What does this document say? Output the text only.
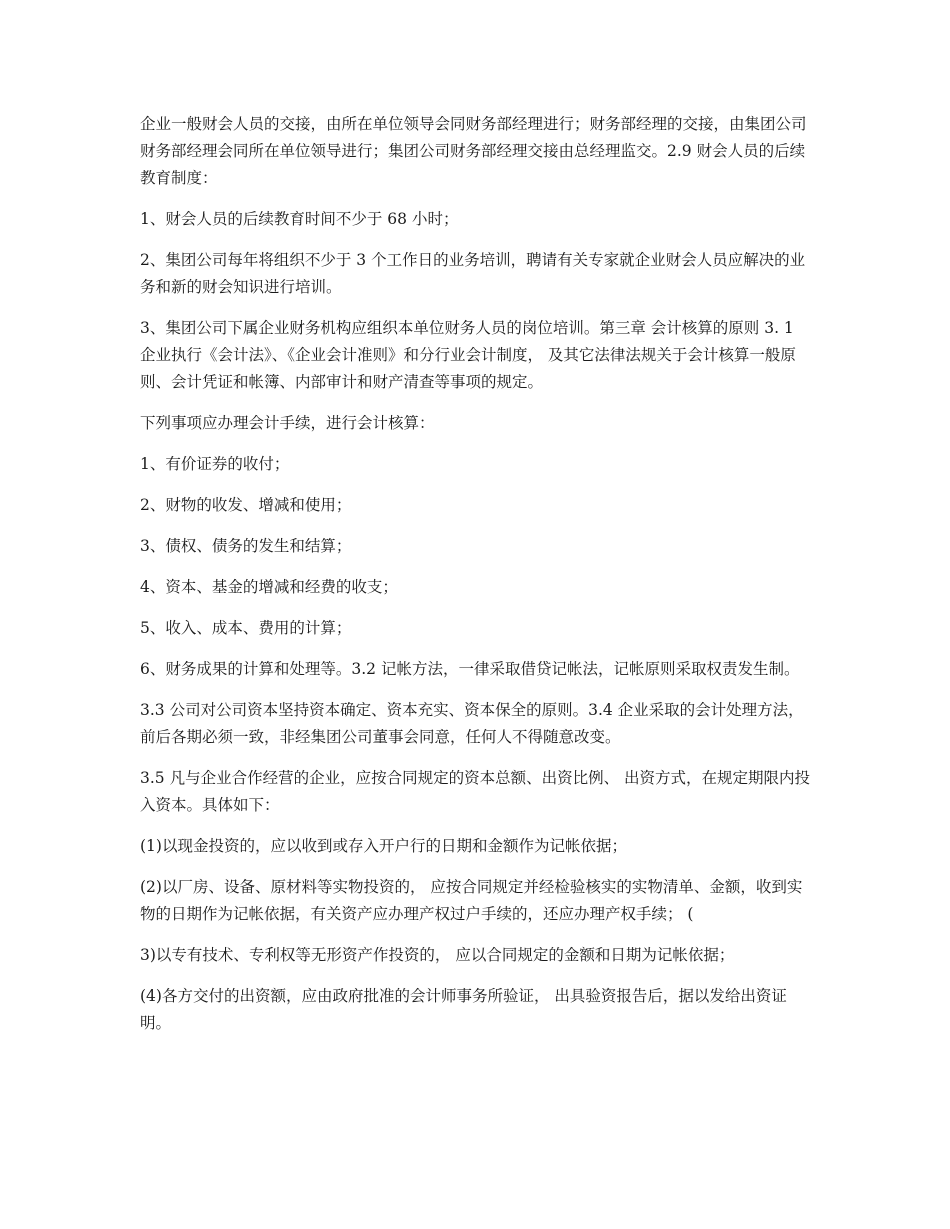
企业一般财会人员的交接，由所在单位领导会同财务部经理进行；财务部经理的交接，由集团公司财务部经理会同所在单位领导进行；集团公司财务部经理交接由总经理监交。2.9 财会人员的后续教育制度：

1、财会人员的后续教育时间不少于 68 小时；

2、集团公司每年将组织不少于 3 个工作日的业务培训，聘请有关专家就企业财会人员应解决的业务和新的财会知识进行培训。

3、集团公司下属企业财务机构应组织本单位财务人员的岗位培训。第三章 会计核算的原则 3. 1 企业执行《会计法》、《企业会计准则》和分行业会计制度， 及其它法律法规关于会计核算一般原则、会计凭证和帐簿、内部审计和财产清查等事项的规定。

下列事项应办理会计手续，进行会计核算：

1、有价证券的收付；

2、财物的收发、增减和使用；

3、债权、债务的发生和结算；

4、资本、基金的增减和经费的收支；

5、收入、成本、费用的计算；

6、财务成果的计算和处理等。3.2 记帐方法，一律采取借贷记帐法，记帐原则采取权责发生制。

3.3 公司对公司资本坚持资本确定、资本充实、资本保全的原则。3.4 企业采取的会计处理方法，前后各期必须一致，非经集团公司董事会同意，任何人不得随意改变。

3.5 凡与企业合作经营的企业，应按合同规定的资本总额、出资比例、 出资方式，在规定期限内投入资本。具体如下：

(1)以现金投资的，应以收到或存入开户行的日期和金额作为记帐依据；

(2)以厂房、设备、原材料等实物投资的， 应按合同规定并经检验核实的实物清单、金额，收到实物的日期作为记帐依据，有关资产应办理产权过户手续的，还应办理产权手续； (

3)以专有技术、专利权等无形资产作投资的， 应以合同规定的金额和日期为记帐依据；

(4)各方交付的出资额，应由政府批准的会计师事务所验证， 出具验资报告后，据以发给出资证明。
